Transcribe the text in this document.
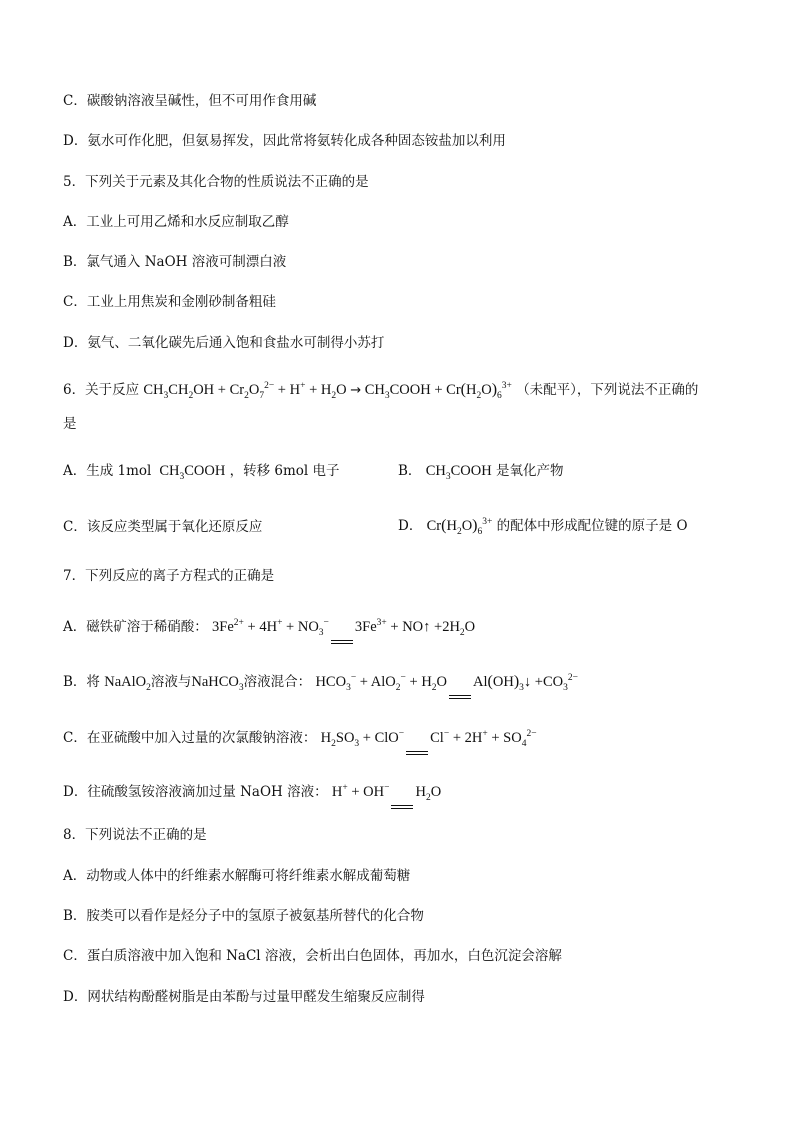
C．碳酸钠溶液呈碱性，但不可用作食用碱
D．氨水可作化肥，但氨易挥发，因此常将氨转化成各种固态铵盐加以利用
5．下列关于元素及其化合物的性质说法不正确的是
A．工业上可用乙烯和水反应制取乙醇
B．氯气通入 NaOH 溶液可制漂白液
C．工业上用焦炭和金刚砂制备粗硅
D．氨气、二氧化碳先后通入饱和食盐水可制得小苏打
6．关于反应 $CH_3CH_2OH + Cr_2O_7^{2-} + H^+ + H_2O$ → $CH_3COOH + Cr(H_2O)_6^{3+}$ （未配平），下列说法不正确的
是
A．生成 1mol  $CH_3COOH$ ，转移 6mol 电子	B． $CH_3COOH$ 是氧化产物
C．该反应类型属于氧化还原反应	D． $Cr(H_2O)_6^{3+}$ 的配体中形成配位键的原子是 O
7．下列反应的离子方程式的正确是
A．磁铁矿溶于稀硝酸： $3Fe^{2+} + 4H^+ + NO_3^-$ $3Fe^{3+}$ + NO↑ $+2H_2O$
B．将 NaAlO$_2$溶液与NaHCO$_3$溶液混合： $HCO_3^- + AlO_2^- + H_2O$ $Al(OH)_3↓ +CO_3^{2-}$
C．在亚硫酸中加入过量的次氯酸钠溶液： $H_2SO_3 + ClO^-$ $Cl^- + 2H^+ + SO_4^{2-}$
D．往硫酸氢铵溶液滴加过量 NaOH 溶液： H+ + OH− $H_2O$
8．下列说法不正确的是
A．动物或人体中的纤维素水解酶可将纤维素水解成葡萄糖
B．胺类可以看作是烃分子中的氢原子被氨基所替代的化合物
C．蛋白质溶液中加入饱和 NaCl 溶液，会析出白色固体，再加水，白色沉淀会溶解
D．网状结构酚醛树脂是由苯酚与过量甲醛发生缩聚反应制得
